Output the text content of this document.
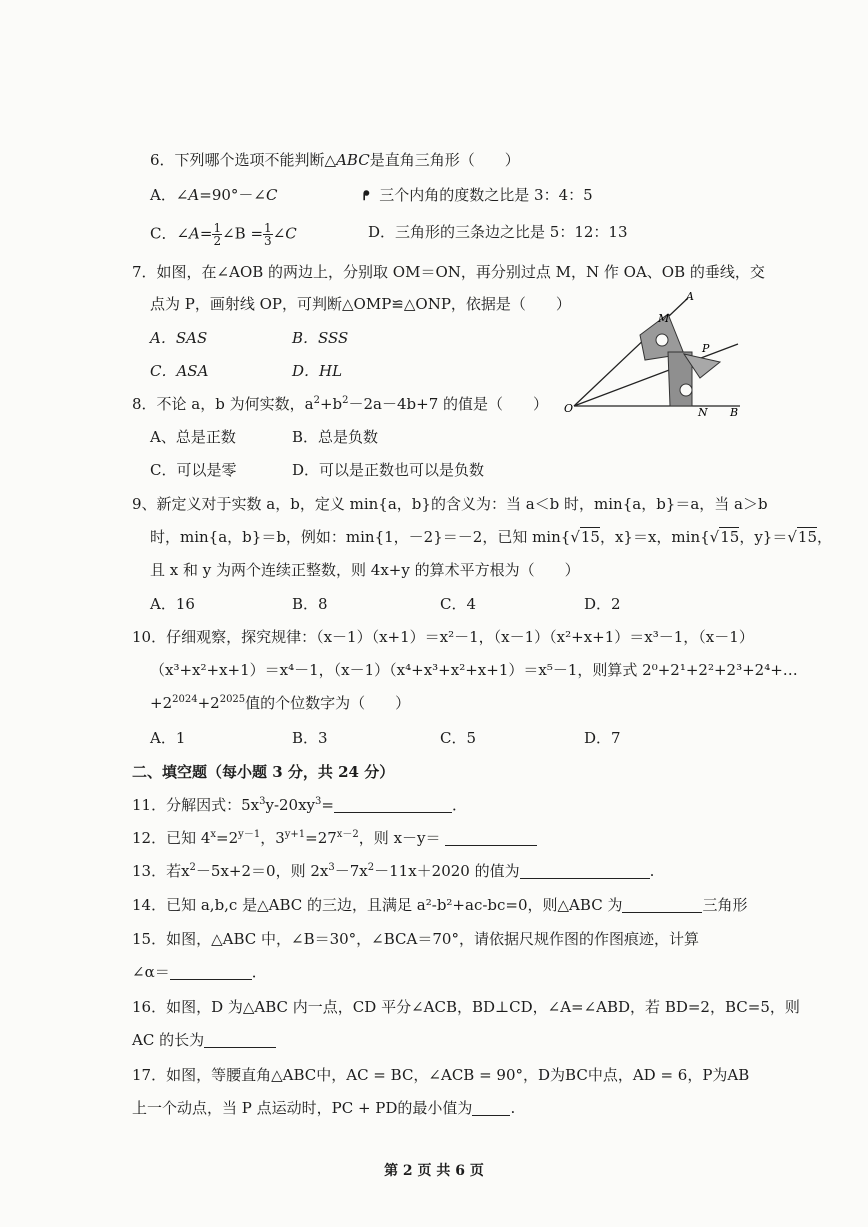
6．下列哪个选项不能判断△ABC是直角三角形（　　）
A．∠A=90°－∠C	ᖰ 三个内角的度数之比是 3：4：5
C．∠A= $\frac{1}{2}$ ∠B = $\frac{1}{3}$ ∠C	D．三角形的三条边之比是 5：12：13
7．如图，在∠AOB 的两边上，分别取 OM＝ON，再分别过点 M，N 作 OA、OB 的垂线，交
点为 P，画射线 OP，可判断△OMP≌△ONP，依据是（　　）
A．SAS	B．SSS
C．ASA	D．HL
A
M
P
O	N B
8．不论 a，b 为何实数，$a^2+b^2-2a-4b+7$ 的值是（　　）
A、总是正数	B．总是负数
C．可以是零	D．可以是正数也可以是负数
9、新定义对于实数 a，b，定义 min{a，b}的含义为：当 a＜b 时，min{a，b}＝a，当 a＞b
时，min{a，b}＝b，例如：min{1，－2}＝－2，已知 min{√15，x}＝x，min{√15，y}＝√15，
且 x 和 y 为两个连续正整数，则 4x+y 的算术平方根为（　　）
A．16	B．8	C．4	D．2
10．仔细观察，探究规律：（x－1）（x+1）＝x²－1，（x－1）（x²+x+1）＝x³－1，（x－1）
（x³+x²+x+1）＝x⁴－1，（x－1）（x⁴+x³+x²+x+1）＝x⁵－1，则算式 2⁰+2¹+2²+2³+2⁴+…
$+2^{2024}+2^{2025}$值的个位数字为（　　）
A．1	B．3	C．5	D．7
二、填空题（每小题 3 分，共 24 分）
11．分解因式：$5x^3y-20xy^3=$	．
12．已知 $4^x=2^{y-1}$，$3^{y+1}=27^{x-2}$，则 x－y＝
13．若$x^2-5x+2=0$，则 $2x^3-7x^2-11x+2020$ 的值为	.
14．已知 a,b,c 是△ABC 的三边，且满足 a²-b²+ac-bc=0，则△ABC 为	三角形
15．如图，△ABC 中，∠B＝30°，∠BCA＝70°，请依据尺规作图的作图痕迹，计算
∠α＝	．
16．如图，D 为△ABC 内一点，CD 平分∠ACB，BD⊥CD，∠A=∠ABD，若 BD=2，BC=5，则
AC 的长为
17．如图，等腰直角△ABC中，AC = BC，∠ACB = 90°，D为BC中点，AD = 6，P为AB
上一个动点，当 P 点运动时，PC + PD的最小值为	.
第 2 页 共 6 页
